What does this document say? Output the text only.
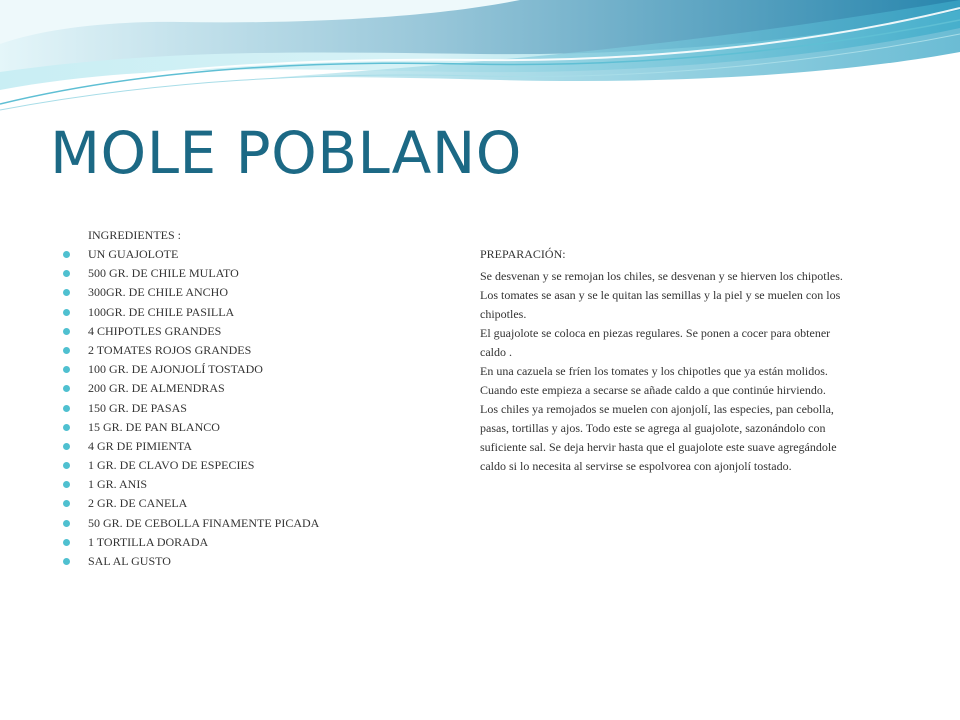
MOLE POBLANO
INGREDIENTES :
UN GUAJOLOTE
500 GR. DE CHILE MULATO
300GR. DE CHILE ANCHO
100GR. DE CHILE PASILLA
4 CHIPOTLES GRANDES
2 TOMATES ROJOS GRANDES
100 GR. DE AJONJOLÍ TOSTADO
200 GR. DE ALMENDRAS
150 GR. DE PASAS
15 GR. DE PAN BLANCO
4 GR DE PIMIENTA
1 GR. DE CLAVO DE ESPECIES
1 GR. ANIS
2 GR. DE CANELA
50 GR. DE CEBOLLA FINAMENTE PICADA
1 TORTILLA DORADA
SAL AL GUSTO
PREPARACIÓN:
Se desvenan y se remojan los chiles, se desvenan y se hierven los chipotles.
Los tomates se asan y se le quitan las semillas y la piel y se muelen con los
chipotles.
El guajolote se coloca en piezas regulares. Se ponen a cocer para obtener
caldo .
En una cazuela se fríen los tomates y los chipotles que ya están molidos.
Cuando este empieza a secarse se añade caldo a que continúe hirviendo.
Los chiles ya remojados se muelen con ajonjolí, las especies, pan cebolla,
pasas, tortillas y ajos. Todo este se agrega al guajolote, sazonándolo con
suficiente sal. Se deja hervir hasta que el guajolote este suave agregándole
caldo si lo necesita al servirse se espolvorea con ajonjolí tostado.
